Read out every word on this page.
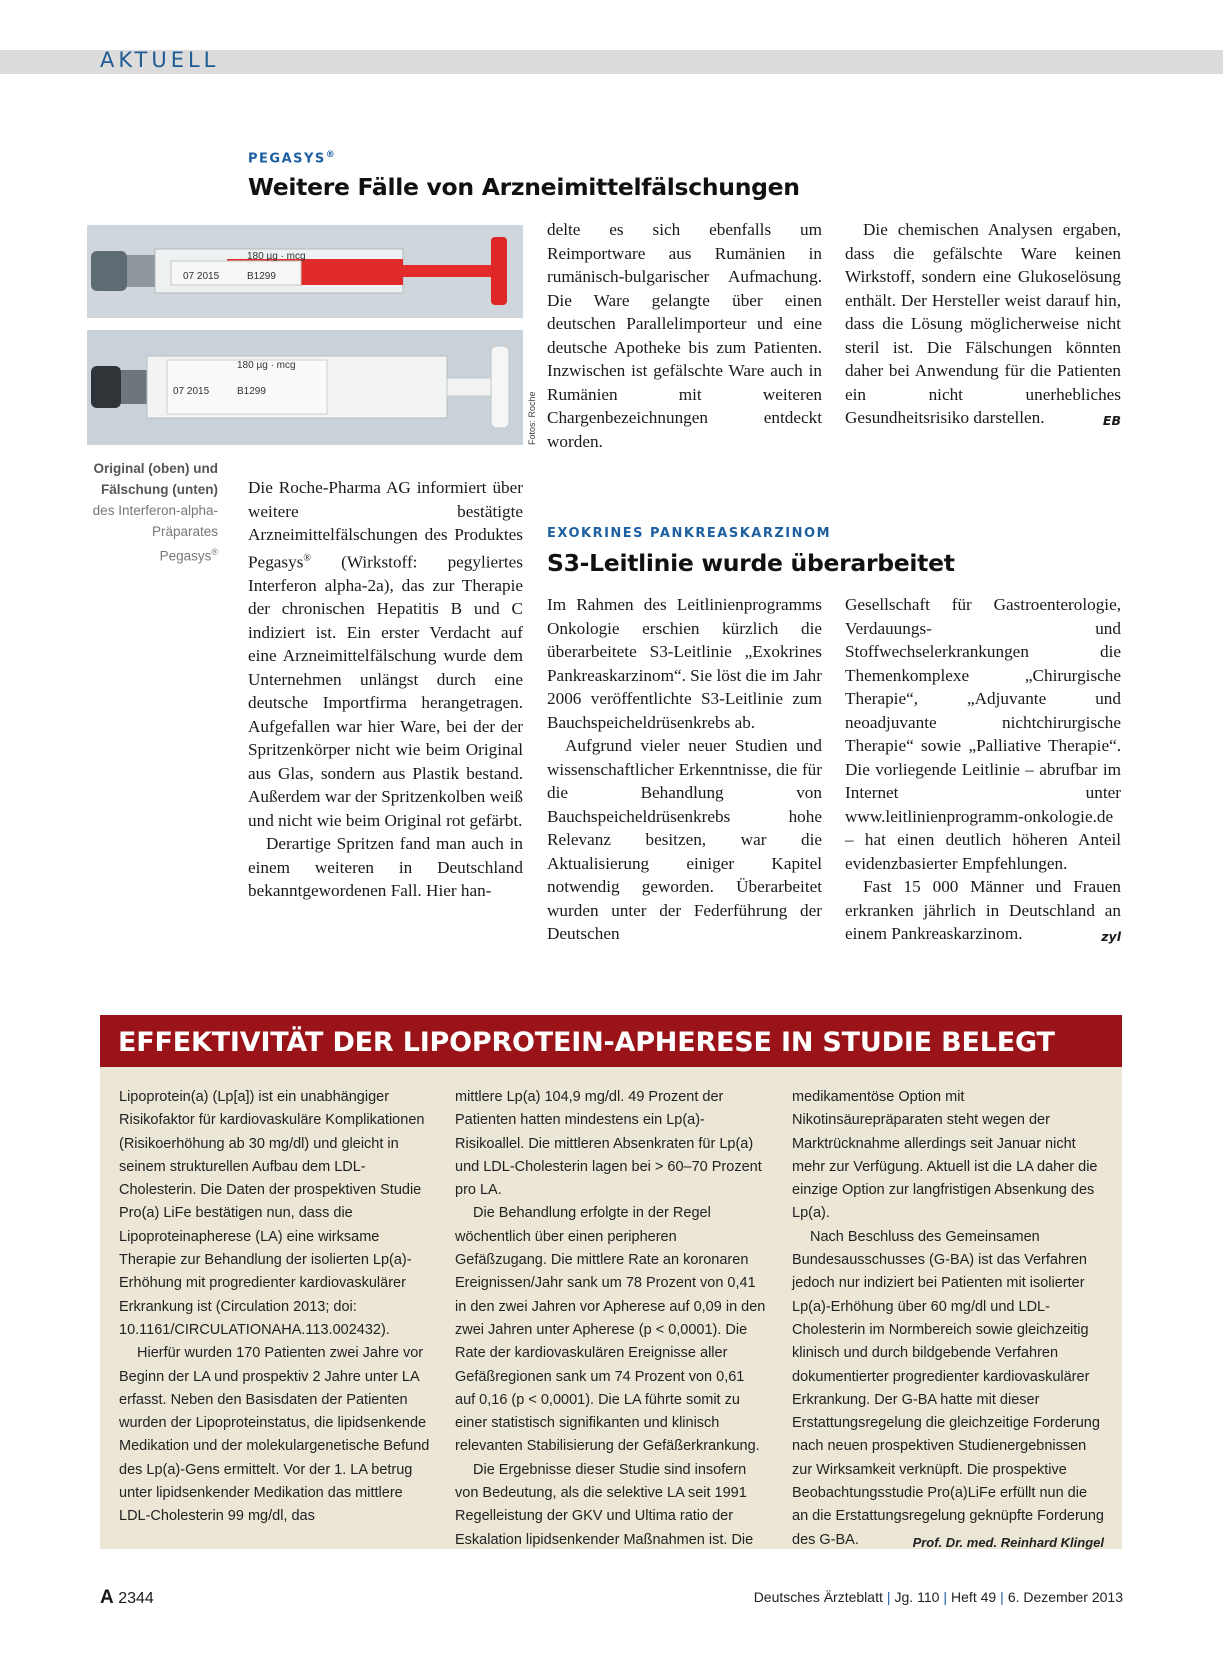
AKTUELL
PEGASYS®
Weitere Fälle von Arzneimittelfälschungen
180 µg · mcg
07 2015	B1299
180 µg · mcg
07 2015	B1299	Fotos: Roche
Original (oben) und Fälschung (unten) des Interferon-alpha-Präparates Pegasys®

Die Roche-Pharma AG informiert über weitere bestätigte Arzneimittelfälschungen des Produktes Pegasys® (Wirkstoff: pegyliertes Interferon alpha-2a), das zur Therapie der chronischen Hepatitis B und C indiziert ist. Ein erster Verdacht auf eine Arzneimittelfälschung wurde dem Unternehmen unlängst durch eine deutsche Importfirma herangetragen. Aufgefallen war hier Ware, bei der der Spritzenkörper nicht wie beim Original aus Glas, sondern aus Plastik bestand. Außerdem war der Spritzenkolben weiß und nicht wie beim Original rot gefärbt.

Derartige Spritzen fand man auch in einem weiteren in Deutschland bekanntgewordenen Fall. Hier han-

delte es sich ebenfalls um Reimportware aus Rumänien in rumänisch-bulgarischer Aufmachung. Die Ware gelangte über einen deutschen Parallelimporteur und eine deutsche Apotheke bis zum Patienten. Inzwischen ist gefälschte Ware auch in Rumänien mit weiteren Chargenbezeichnungen entdeckt worden.

Die chemischen Analysen ergaben, dass die gefälschte Ware keinen Wirkstoff, sondern eine Glukoselösung enthält. Der Hersteller weist darauf hin, dass die Lösung möglicherweise nicht steril ist. Die Fälschungen könnten daher bei Anwendung für die Patienten ein nicht unerhebliches Gesundheitsrisiko darstellen.	EB

EXOKRINES PANKREASKARZINOM
S3-Leitlinie wurde überarbeitet

Im Rahmen des Leitlinienprogramms Onkologie erschien kürzlich die überarbeitete S3-Leitlinie „Exokrines Pankreaskarzinom“. Sie löst die im Jahr 2006 veröffentlichte S3-Leitlinie zum Bauchspeicheldrüsenkrebs ab.

Aufgrund vieler neuer Studien und wissenschaftlicher Erkenntnisse, die für die Behandlung von Bauchspeicheldrüsenkrebs hohe Relevanz besitzen, war die Aktualisierung einiger Kapitel notwendig geworden. Überarbeitet wurden unter der Federführung der Deutschen

Gesellschaft für Gastroenterologie, Verdauungs- und Stoffwechselerkrankungen die Themenkomplexe „Chirurgische Therapie“, „Adjuvante und neoadjuvante nichtchirurgische Therapie“ sowie „Palliative Therapie“. Die vorliegende Leitlinie – abrufbar im Internet unter www.leitlinienprogramm-onkologie.de – hat einen deutlich höheren Anteil evidenzbasierter Empfehlungen.

Fast 15 000 Männer und Frauen erkranken jährlich in Deutschland an einem Pankreaskarzinom.	zyl

EFFEKTIVITÄT DER LIPOPROTEIN-APHERESE IN STUDIE BELEGT

Lipoprotein(a) (Lp[a]) ist ein unabhängiger Risikofaktor für kardiovaskuläre Komplikationen (Risikoerhöhung ab 30 mg/dl) und gleicht in seinem strukturellen Aufbau dem LDL-Cholesterin. Die Daten der prospektiven Studie Pro(a) LiFe bestätigen nun, dass die Lipoproteinapherese (LA) eine wirksame Therapie zur Behandlung der isolierten Lp(a)-Erhöhung mit progredienter kardiovaskulärer Erkrankung ist (Circulation 2013; doi: 10.1161/CIRCULATIONAHA.113.002432).

Hierfür wurden 170 Patienten zwei Jahre vor Beginn der LA und prospektiv 2 Jahre unter LA erfasst. Neben den Basisdaten der Patienten wurden der Lipoproteinstatus, die lipidsenkende Medikation und der molekulargenetische Befund des Lp(a)-Gens ermittelt. Vor der 1. LA betrug unter lipidsenkender Medikation das mittlere LDL-Cholesterin 99 mg/dl, das

mittlere Lp(a) 104,9 mg/dl. 49 Prozent der Patienten hatten mindestens ein Lp(a)-Risikoallel. Die mittleren Absenkraten für Lp(a) und LDL-Cholesterin lagen bei > 60–70 Prozent pro LA.

Die Behandlung erfolgte in der Regel wöchentlich über einen peripheren Gefäßzugang. Die mittlere Rate an koronaren Ereignissen/Jahr sank um 78 Prozent von 0,41 in den zwei Jahren vor Apherese auf 0,09 in den zwei Jahren unter Apherese (p < 0,0001). Die Rate der kardiovaskulären Ereignisse aller Gefäßregionen sank um 74 Prozent von 0,61 auf 0,16 (p < 0,0001). Die LA führte somit zu einer statistisch signifikanten und klinisch relevanten Stabilisierung der Gefäßerkrankung.

Die Ergebnisse dieser Studie sind insofern von Bedeutung, als die selektive LA seit 1991 Regelleistung der GKV und Ultima ratio der Eskalation lipidsenkender Maßnahmen ist. Die

medikamentöse Option mit Nikotinsäurepräparaten steht wegen der Marktrücknahme allerdings seit Januar nicht mehr zur Verfügung. Aktuell ist die LA daher die einzige Option zur langfristigen Absenkung des Lp(a).

Nach Beschluss des Gemeinsamen Bundesausschusses (G-BA) ist das Verfahren jedoch nur indiziert bei Patienten mit isolierter Lp(a)-Erhöhung über 60 mg/dl und LDL-Cholesterin im Normbereich sowie gleichzeitig klinisch und durch bildgebende Verfahren dokumentierter progredienter kardiovaskulärer Erkrankung. Der G-BA hatte mit dieser Erstattungsregelung die gleichzeitige Forderung nach neuen prospektiven Studienergebnissen zur Wirksamkeit verknüpft. Die prospektive Beobachtungsstudie Pro(a)LiFe erfüllt nun die an die Erstattungsregelung geknüpfte Forderung des G-BA.	Prof. Dr. med. Reinhard Klingel

A 2344	Deutsches Ärzteblatt | Jg. 110 | Heft 49 | 6. Dezember 2013
